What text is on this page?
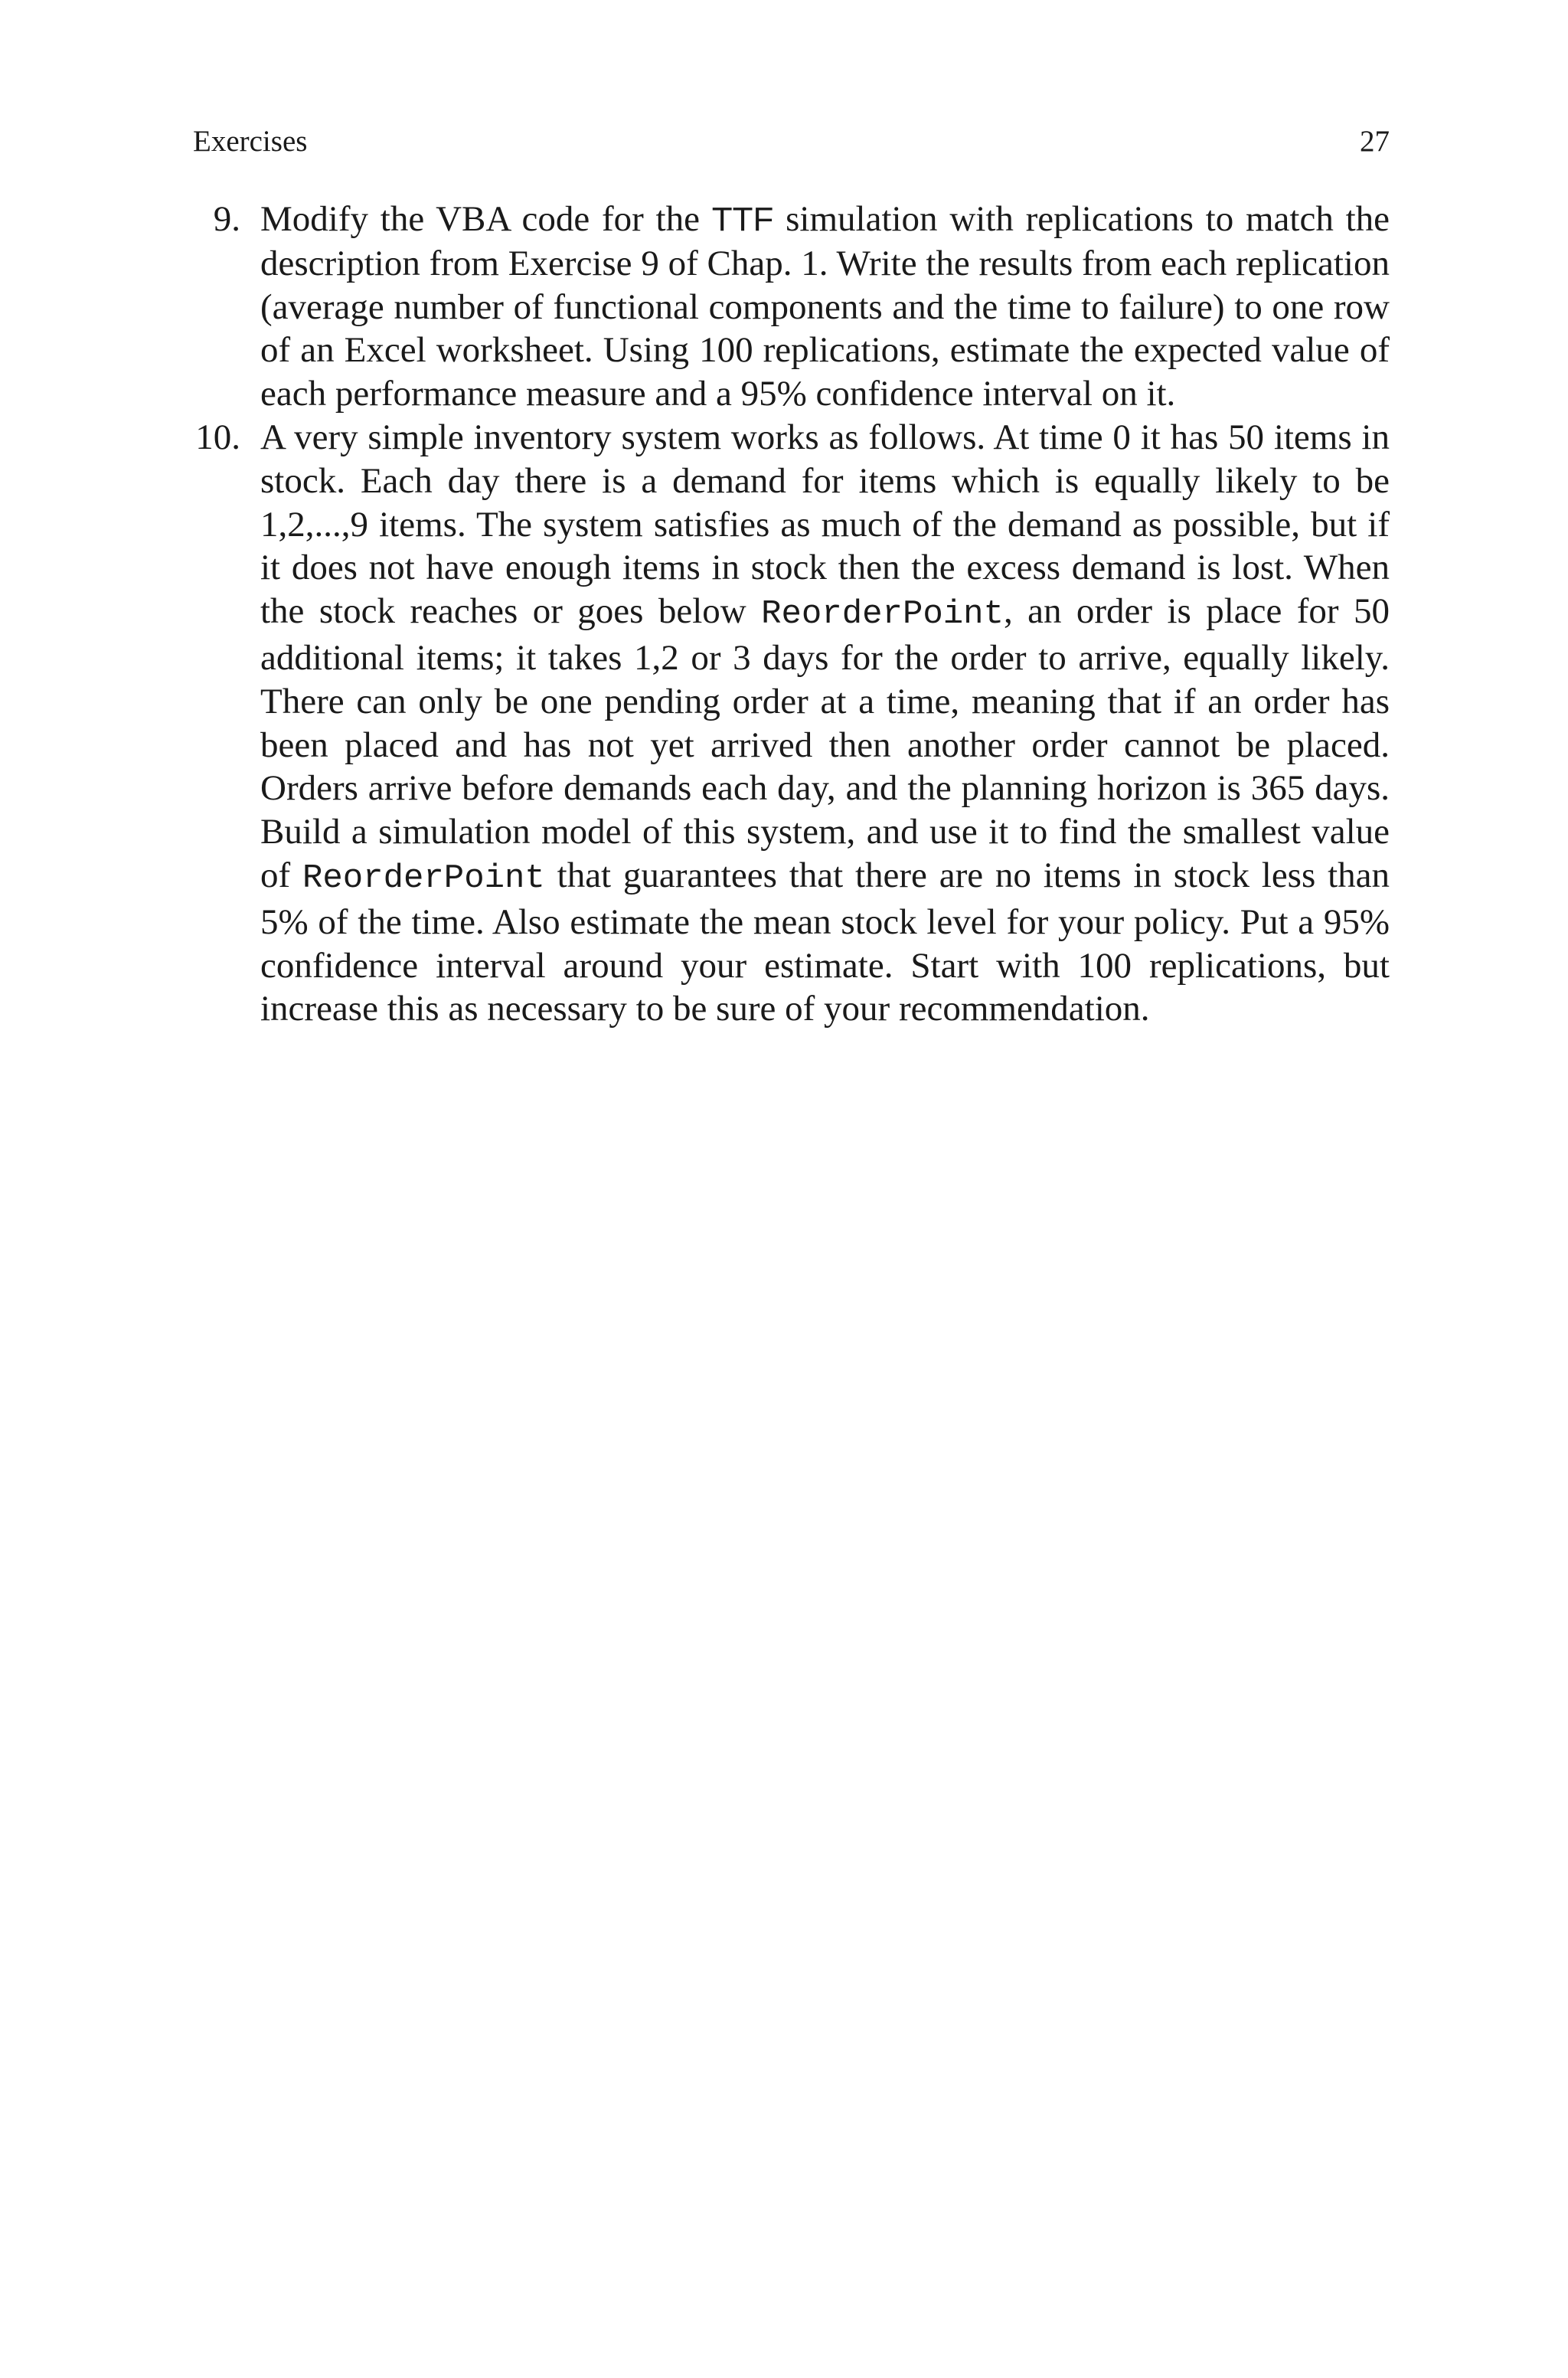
Exercises	27
9. Modify the VBA code for the TTF simulation with replications to match the description from Exercise 9 of Chap. 1. Write the results from each replication (average number of functional components and the time to failure) to one row of an Excel worksheet. Using 100 replications, estimate the expected value of each performance measure and a 95% confidence interval on it.
10. A very simple inventory system works as follows. At time 0 it has 50 items in stock. Each day there is a demand for items which is equally likely to be 1,2,...,9 items. The system satisfies as much of the demand as possible, but if it does not have enough items in stock then the excess demand is lost. When the stock reaches or goes below ReorderPoint, an order is place for 50 additional items; it takes 1,2 or 3 days for the order to arrive, equally likely. There can only be one pending order at a time, meaning that if an order has been placed and has not yet arrived then another order cannot be placed. Orders arrive before demands each day, and the planning horizon is 365 days. Build a simulation model of this system, and use it to find the smallest value of ReorderPoint that guarantees that there are no items in stock less than 5% of the time. Also estimate the mean stock level for your policy. Put a 95% confidence interval around your estimate. Start with 100 replications, but increase this as necessary to be sure of your recommendation.
